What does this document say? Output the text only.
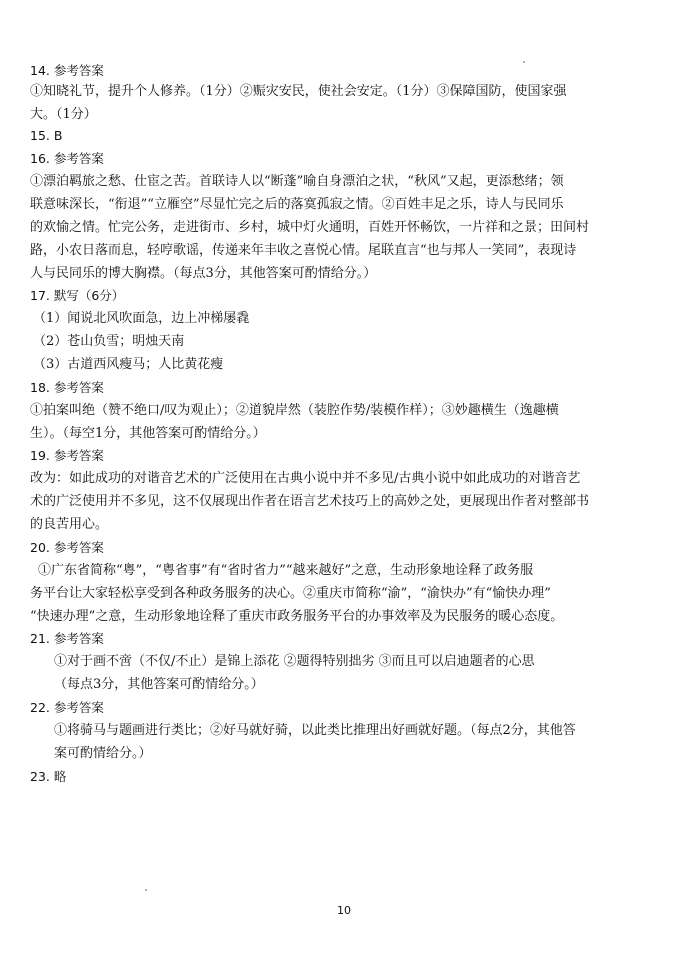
14. 参考答案
①知晓礼节，提升个人修养。（1分）②赈灾安民，使社会安定。（1分）③保障国防，使国家强
大。（1分）
15. B
16. 参考答案
①漂泊羁旅之愁、仕宦之苦。首联诗人以“断蓬”喻自身漂泊之状，“秋风”又起，更添愁绪；领
联意味深长，“衔退”“立雁空”尽显忙完之后的落寞孤寂之情。②百姓丰足之乐，诗人与民同乐
的欢愉之情。忙完公务，走进街市、乡村，城中灯火通明，百姓开怀畅饮，一片祥和之景；田间村
路，小农日落而息，轻哼歌谣，传递来年丰收之喜悦心情。尾联直言“也与邦人一笑同”，表现诗
人与民同乐的博大胸襟。（每点3分，其他答案可酌情给分。）
17. 默写（6分）
（1）闻说北风吹面急，边上冲梯屡毳
（2）苍山负雪；明烛天南
（3）古道西风瘦马；人比黄花瘦
18. 参考答案
①拍案叫绝（赞不绝口/叹为观止）；②道貌岸然（装腔作势/装模作样）；③妙趣横生（逸趣横
生）。（每空1分，其他答案可酌情给分。）
19. 参考答案
改为：如此成功的对谐音艺术的广泛使用在古典小说中并不多见/古典小说中如此成功的对谐音艺
术的广泛使用并不多见，这不仅展现出作者在语言艺术技巧上的高妙之处，更展现出作者对整部书
的良苦用心。
20. 参考答案
①广东省简称“粤”，“粤省事”有“省时省力”“越来越好”之意，生动形象地诠释了政务服
务平台让大家轻松享受到各种政务服务的决心。②重庆市简称“渝”，“渝快办”有“愉快办理”
“快速办理”之意，生动形象地诠释了重庆市政务服务平台的办事效率及为民服务的暖心态度。
21. 参考答案
①对于画不啻（不仅/不止）是锦上添花 ②题得特别拙劣 ③而且可以启迪题者的心思
（每点3分，其他答案可酌情给分。）
22. 参考答案
①将骑马与题画进行类比；②好马就好骑，以此类比推理出好画就好题。（每点2分，其他答
案可酌情给分。）
23. 略
10
